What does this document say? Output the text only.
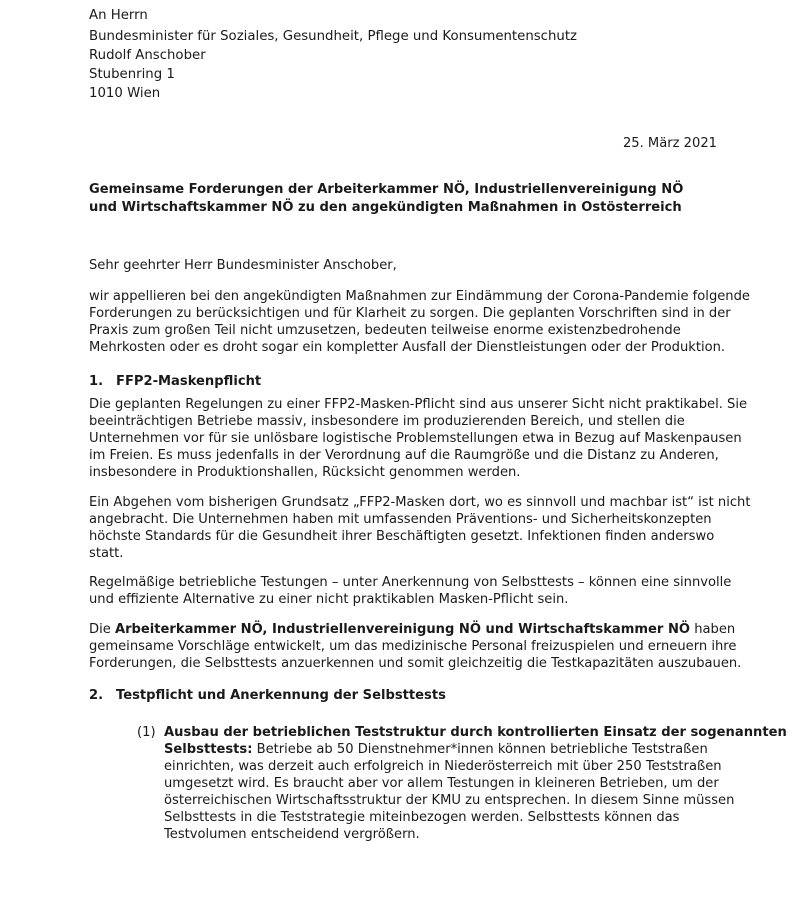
An Herrn
Bundesminister für Soziales, Gesundheit, Pflege und Konsumentenschutz
Rudolf Anschober
Stubenring 1
1010 Wien
25. März 2021
Gemeinsame Forderungen der Arbeiterkammer NÖ, Industriellenvereinigung NÖ
und Wirtschaftskammer NÖ zu den angekündigten Maßnahmen in Ostösterreich
Sehr geehrter Herr Bundesminister Anschober,
wir appellieren bei den angekündigten Maßnahmen zur Eindämmung der Corona-Pandemie folgende
Forderungen zu berücksichtigen und für Klarheit zu sorgen. Die geplanten Vorschriften sind in der
Praxis zum großen Teil nicht umzusetzen, bedeuten teilweise enorme existenzbedrohende
Mehrkosten oder es droht sogar ein kompletter Ausfall der Dienstleistungen oder der Produktion.
1. FFP2-Maskenpflicht
Die geplanten Regelungen zu einer FFP2-Masken-Pflicht sind aus unserer Sicht nicht praktikabel. Sie
beeinträchtigen Betriebe massiv, insbesondere im produzierenden Bereich, und stellen die
Unternehmen vor für sie unlösbare logistische Problemstellungen etwa in Bezug auf Maskenpausen
im Freien. Es muss jedenfalls in der Verordnung auf die Raumgröße und die Distanz zu Anderen,
insbesondere in Produktionshallen, Rücksicht genommen werden.
Ein Abgehen vom bisherigen Grundsatz „FFP2-Masken dort, wo es sinnvoll und machbar ist“ ist nicht
angebracht. Die Unternehmen haben mit umfassenden Präventions- und Sicherheitskonzepten
höchste Standards für die Gesundheit ihrer Beschäftigten gesetzt. Infektionen finden anderswo
statt.
Regelmäßige betriebliche Testungen – unter Anerkennung von Selbsttests – können eine sinnvolle
und effiziente Alternative zu einer nicht praktikablen Masken-Pflicht sein.
Die Arbeiterkammer NÖ, Industriellenvereinigung NÖ und Wirtschaftskammer NÖ haben
gemeinsame Vorschläge entwickelt, um das medizinische Personal freizuspielen und erneuern ihre
Forderungen, die Selbsttests anzuerkennen und somit gleichzeitig die Testkapazitäten auszubauen.
2. Testpflicht und Anerkennung der Selbsttests
(1) Ausbau der betrieblichen Teststruktur durch kontrollierten Einsatz der sogenannten
Selbsttests: Betriebe ab 50 Dienstnehmer*innen können betriebliche Teststraßen
einrichten, was derzeit auch erfolgreich in Niederösterreich mit über 250 Teststraßen
umgesetzt wird. Es braucht aber vor allem Testungen in kleineren Betrieben, um der
österreichischen Wirtschaftsstruktur der KMU zu entsprechen. In diesem Sinne müssen
Selbsttests in die Teststrategie miteinbezogen werden. Selbsttests können das
Testvolumen entscheidend vergrößern.
